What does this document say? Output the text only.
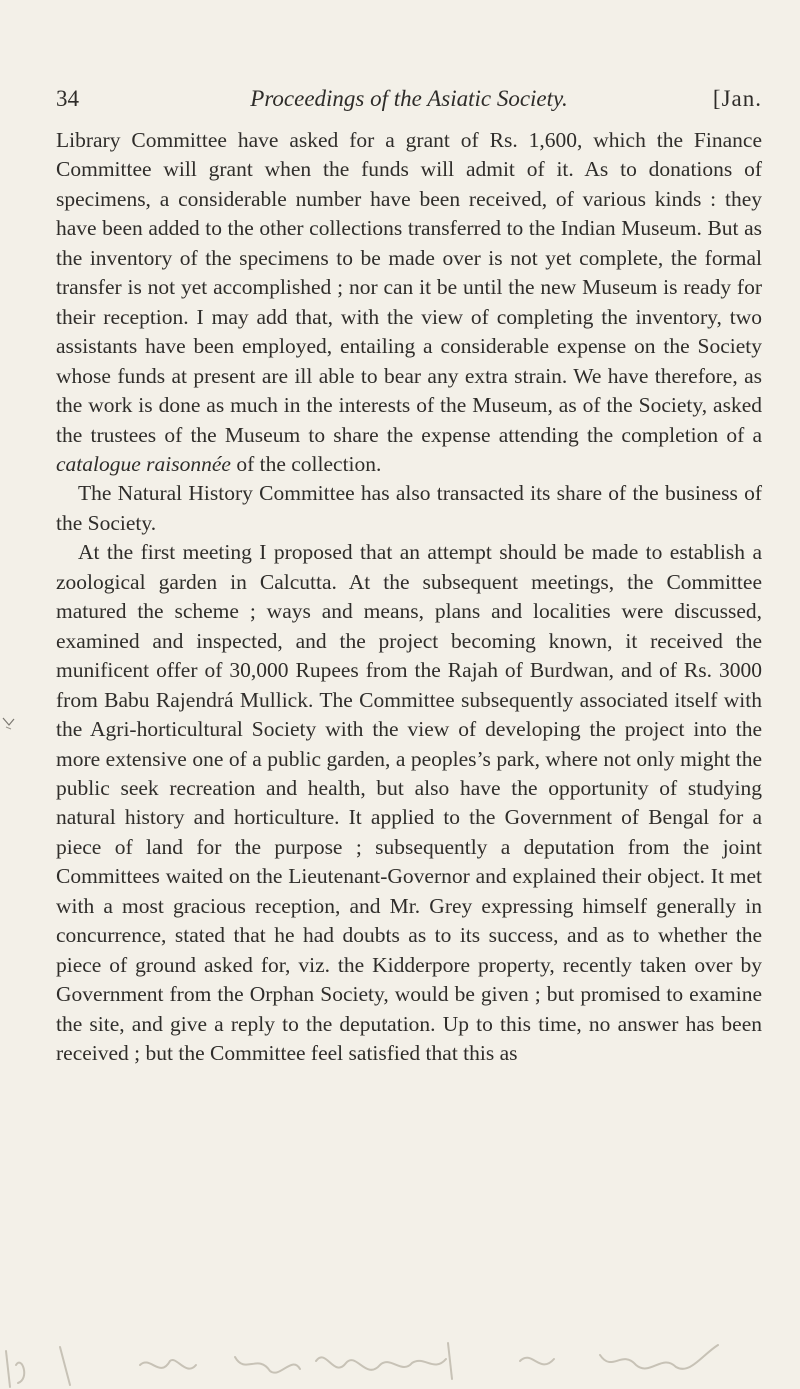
34	Proceedings of the Asiatic Society.	[Jan.

Library Committee have asked for a grant of Rs. 1,600, which the Finance Committee will grant when the funds will admit of it. As to donations of specimens, a considerable number have been received, of various kinds : they have been added to the other collections transferred to the Indian Museum. But as the inventory of the specimens to be made over is not yet complete, the formal transfer is not yet accomplished ; nor can it be until the new Museum is ready for their reception. I may add that, with the view of completing the inventory, two assistants have been employed, entailing a considerable expense on the Society whose funds at present are ill able to bear any extra strain. We have therefore, as the work is done as much in the interests of the Museum, as of the Society, asked the trustees of the Museum to share the expense attending the completion of a catalogue raisonnée of the collection.

The Natural History Committee has also transacted its share of the business of the Society.

At the first meeting I proposed that an attempt should be made to establish a zoological garden in Calcutta. At the subsequent meetings, the Committee matured the scheme ; ways and means, plans and localities were discussed, examined and inspected, and the project becoming known, it received the munificent offer of 30,000 Rupees from the Rajah of Burdwan, and of Rs. 3000 from Babu Rajendrá Mullick. The Committee subsequently associated itself with the Agri-horticultural Society with the view of developing the project into the more extensive one of a public garden, a peoples’s park, where not only might the public seek recreation and health, but also have the opportunity of studying natural history and horticulture. It applied to the Government of Bengal for a piece of land for the purpose ; subsequently a deputation from the joint Committees waited on the Lieutenant-Governor and explained their object. It met with a most gracious reception, and Mr. Grey expressing himself generally in concurrence, stated that he had doubts as to its success, and as to whether the piece of ground asked for, viz. the Kidderpore property, recently taken over by Government from the Orphan Society, would be given ; but promised to examine the site, and give a reply to the deputation. Up to this time, no answer has been received ; but the Committee feel satisfied that this as
